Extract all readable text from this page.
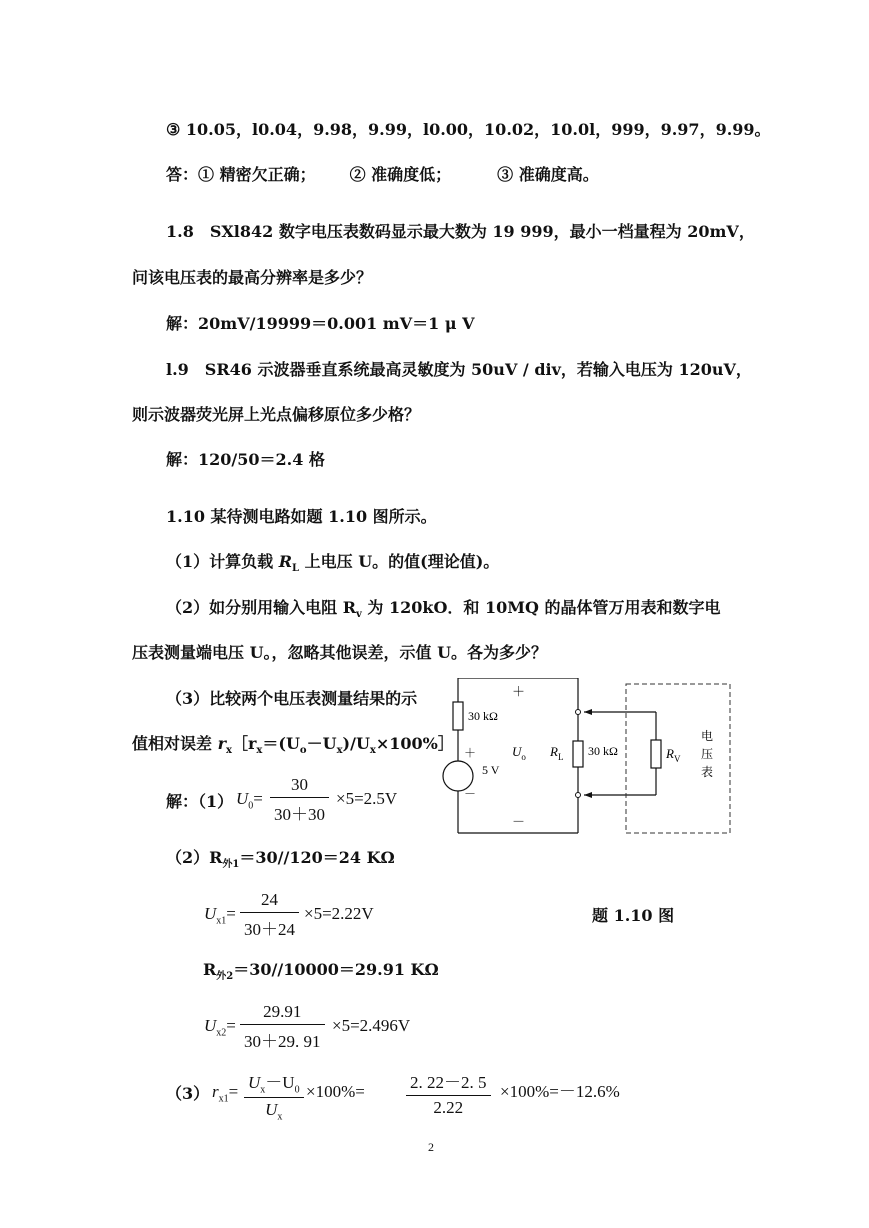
③ 10.05，l0.04，9.98，9.99，l0.00，10.02，10.0l，999，9.97，9.99。
答：① 精密欠正确； ② 准确度低；	③ 准确度高。
1.8　SXl842 数字电压表数码显示最大数为 19 999，最小一档量程为 20mV，
问该电压表的最高分辨率是多少？
解：20mV/19999＝0.001 mV＝1 μ V
l.9　SR46 示波器垂直系统最高灵敏度为 50uV / div，若输入电压为 120uV，
则示波器荧光屏上光点偏移原位多少格？
解：120/50＝2.4 格
1.10 某待测电路如题 1.10 图所示。
（1）计算负载 $R_L$ 上电压 U。的值(理论值)。
（2）如分别用输入电阻 $R_v$ 为 120kO．和 10MQ 的晶体管万用表和数字电
压表测量端电压 U。，忽略其他误差，示值 U。各为多少？
（3）比较两个电压表测量结果的示
值相对误差 $r_x[r_x=(U_o-U_x)/U_x\times 100\%]$
解：（1） $U_0= \frac{30}{30+30} \times 5=2.5V$
$(2)R_{外1}=30//120=24$ KΩ
$U_{x1}= \frac{24}{30+24} \times 5=2.22V$	题 1.10 图
$R_{外2}=30//10000=29.91$ KΩ
$U_{x2}= \frac{29.91}{30+29. 91} \times 5=2.496V$
（3） $r_{x1}= \frac{U_x-U_0}{U_x} \times 100\%= \frac{2. 22-2. 5}{2.22} \times 100\%=-12.6\%$
2
＋
－
30 kΩ
＋
－
5 V
$U_o$ $R_L$ 30 kΩ	$R_V$
电
压
表
